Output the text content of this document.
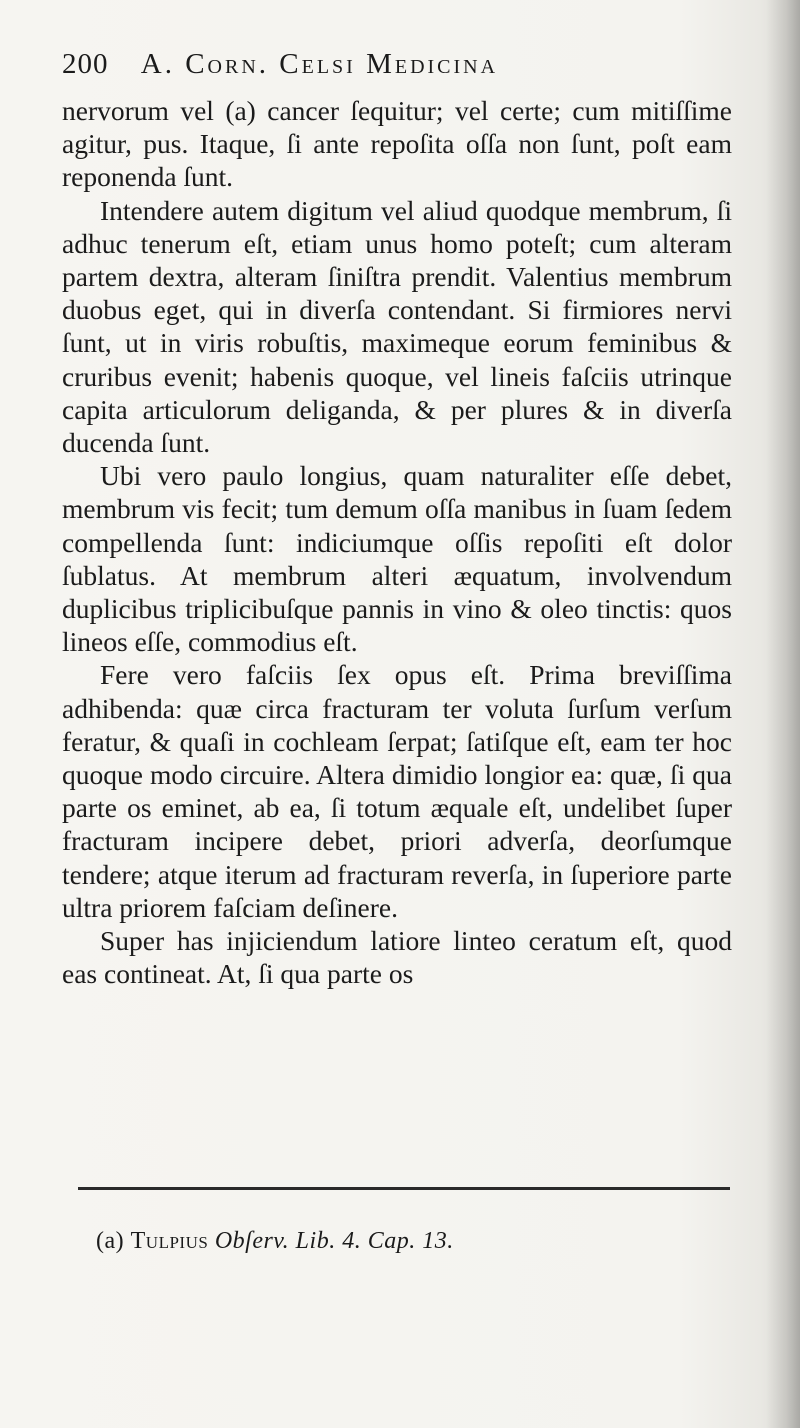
200 A. Corn. Celsi Medicina

nervorum vel (a) cancer ſequitur; vel certe; cum mitiſſime agitur, pus. Itaque, ſi ante repoſita oſſa non ſunt, poſt eam reponenda ſunt.

Intendere autem digitum vel aliud quodque membrum, ſi adhuc tenerum eſt, etiam unus homo poteſt; cum alteram partem dextra, alteram ſiniſtra prendit. Valentius membrum duobus eget, qui in diverſa contendant. Si firmiores nervi ſunt, ut in viris robuſtis, maximeque eorum feminibus & cruribus evenit; habenis quoque, vel lineis faſciis utrinque capita articulorum deliganda, & per plures & in diverſa ducenda ſunt.

Ubi vero paulo longius, quam naturaliter eſſe debet, membrum vis fecit; tum demum oſſa manibus in ſuam ſedem compellenda ſunt: indiciumque oſſis repoſiti eſt dolor ſublatus. At membrum alteri æquatum, involvendum duplicibus triplicibuſque pannis in vino & oleo tinctis: quos lineos eſſe, commodius eſt.

Fere vero faſciis ſex opus eſt. Prima breviſſima adhibenda: quæ circa fracturam ter voluta ſurſum verſum feratur, & quaſi in cochleam ſerpat; ſatiſque eſt, eam ter hoc quoque modo circuire. Altera dimidio longior ea: quæ, ſi qua parte os eminet, ab ea, ſi totum æquale eſt, undelibet ſuper fracturam incipere debet, priori adverſa, deorſumque tendere; atque iterum ad fracturam reverſa, in ſuperiore parte ultra priorem faſciam deſinere.

Super has injiciendum latiore linteo ceratum eſt, quod eas contineat. At, ſi qua parte os

(a) Tulpius Obſerv. Lib. 4. Cap. 13.
